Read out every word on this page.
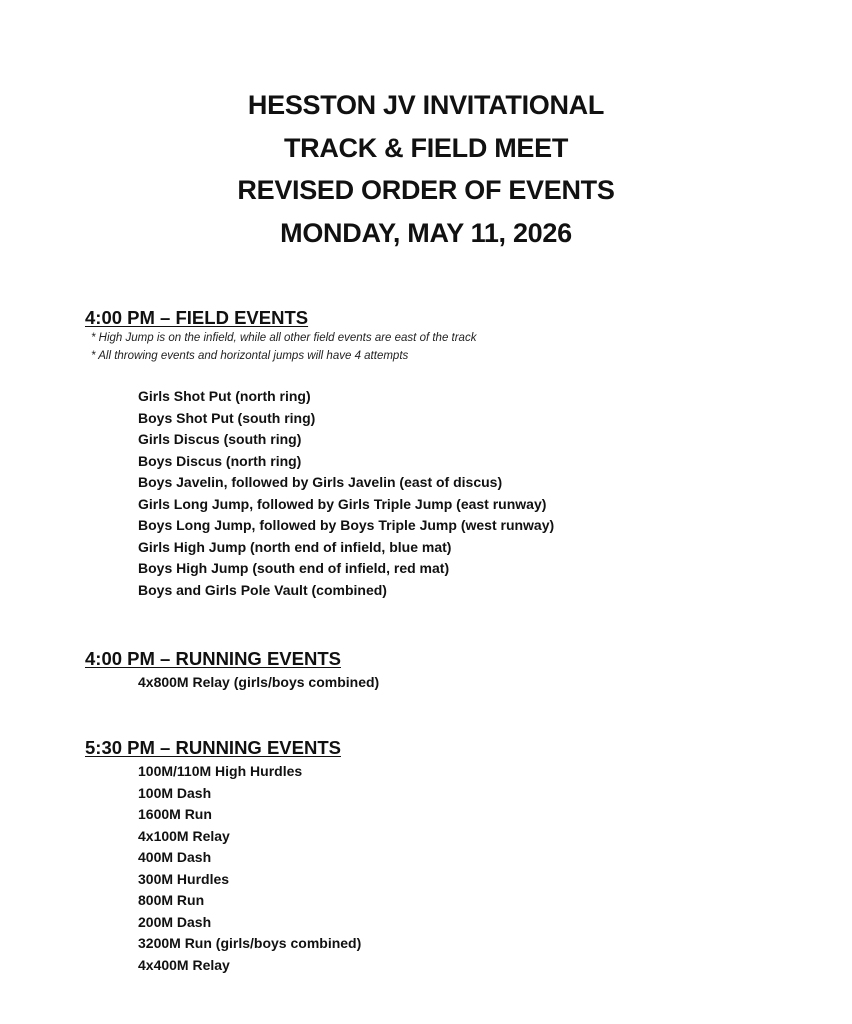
HESSTON JV INVITATIONAL
TRACK & FIELD MEET
REVISED ORDER OF EVENTS
MONDAY, MAY 11, 2026
4:00 PM – FIELD EVENTS
* High Jump is on the infield, while all other field events are east of the track
* All throwing events and horizontal jumps will have 4 attempts
Girls Shot Put (north ring)
Boys Shot Put (south ring)
Girls Discus (south ring)
Boys Discus (north ring)
Boys Javelin, followed by Girls Javelin (east of discus)
Girls Long Jump, followed by Girls Triple Jump (east runway)
Boys Long Jump, followed by Boys Triple Jump (west runway)
Girls High Jump (north end of infield, blue mat)
Boys High Jump (south end of infield, red mat)
Boys and Girls Pole Vault (combined)
4:00 PM – RUNNING EVENTS
4x800M Relay (girls/boys combined)
5:30 PM – RUNNING EVENTS
100M/110M High Hurdles
100M Dash
1600M Run
4x100M Relay
400M Dash
300M Hurdles
800M Run
200M Dash
3200M Run (girls/boys combined)
4x400M Relay
